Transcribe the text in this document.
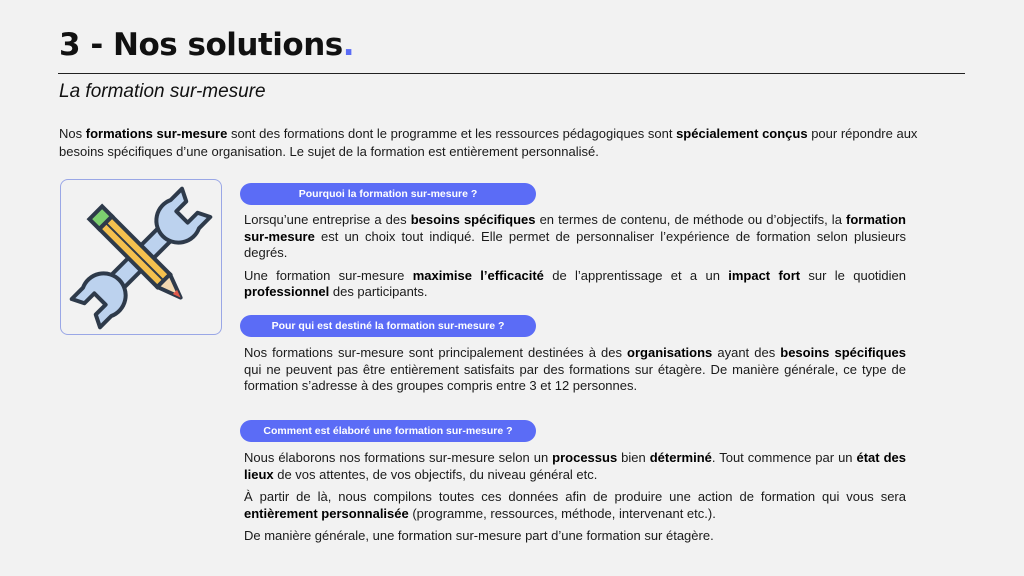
3 - Nos solutions.
La formation sur-mesure
Nos formations sur-mesure sont des formations dont le programme et les ressources pédagogiques sont spécialement conçus pour répondre aux besoins spécifiques d’une organisation. Le sujet de la formation est entièrement personnalisé.
Pourquoi la formation sur-mesure ?

Lorsqu’une entreprise a des besoins spécifiques en termes de contenu, de méthode ou d’objectifs, la formation sur-mesure est un choix tout indiqué. Elle permet de personnaliser l’expérience de formation selon plusieurs degrés.

Une formation sur-mesure maximise l’efficacité de l’apprentissage et a un impact fort sur le quotidien professionnel des participants.

Pour qui est destiné la formation sur-mesure ?

Nos formations sur-mesure sont principalement destinées à des organisations ayant des besoins spécifiques qui ne peuvent pas être entièrement satisfaits par des formations sur étagère. De manière générale, ce type de formation s’adresse à des groupes compris entre 3 et 12 personnes.

Comment est élaboré une formation sur-mesure ?

Nous élaborons nos formations sur-mesure selon un processus bien déterminé. Tout commence par un état des lieux de vos attentes, de vos objectifs, du niveau général etc.

À partir de là, nous compilons toutes ces données afin de produire une action de formation qui vous sera entièrement personnalisée (programme, ressources, méthode, intervenant etc.).

De manière générale, une formation sur-mesure part d’une formation sur étagère.
